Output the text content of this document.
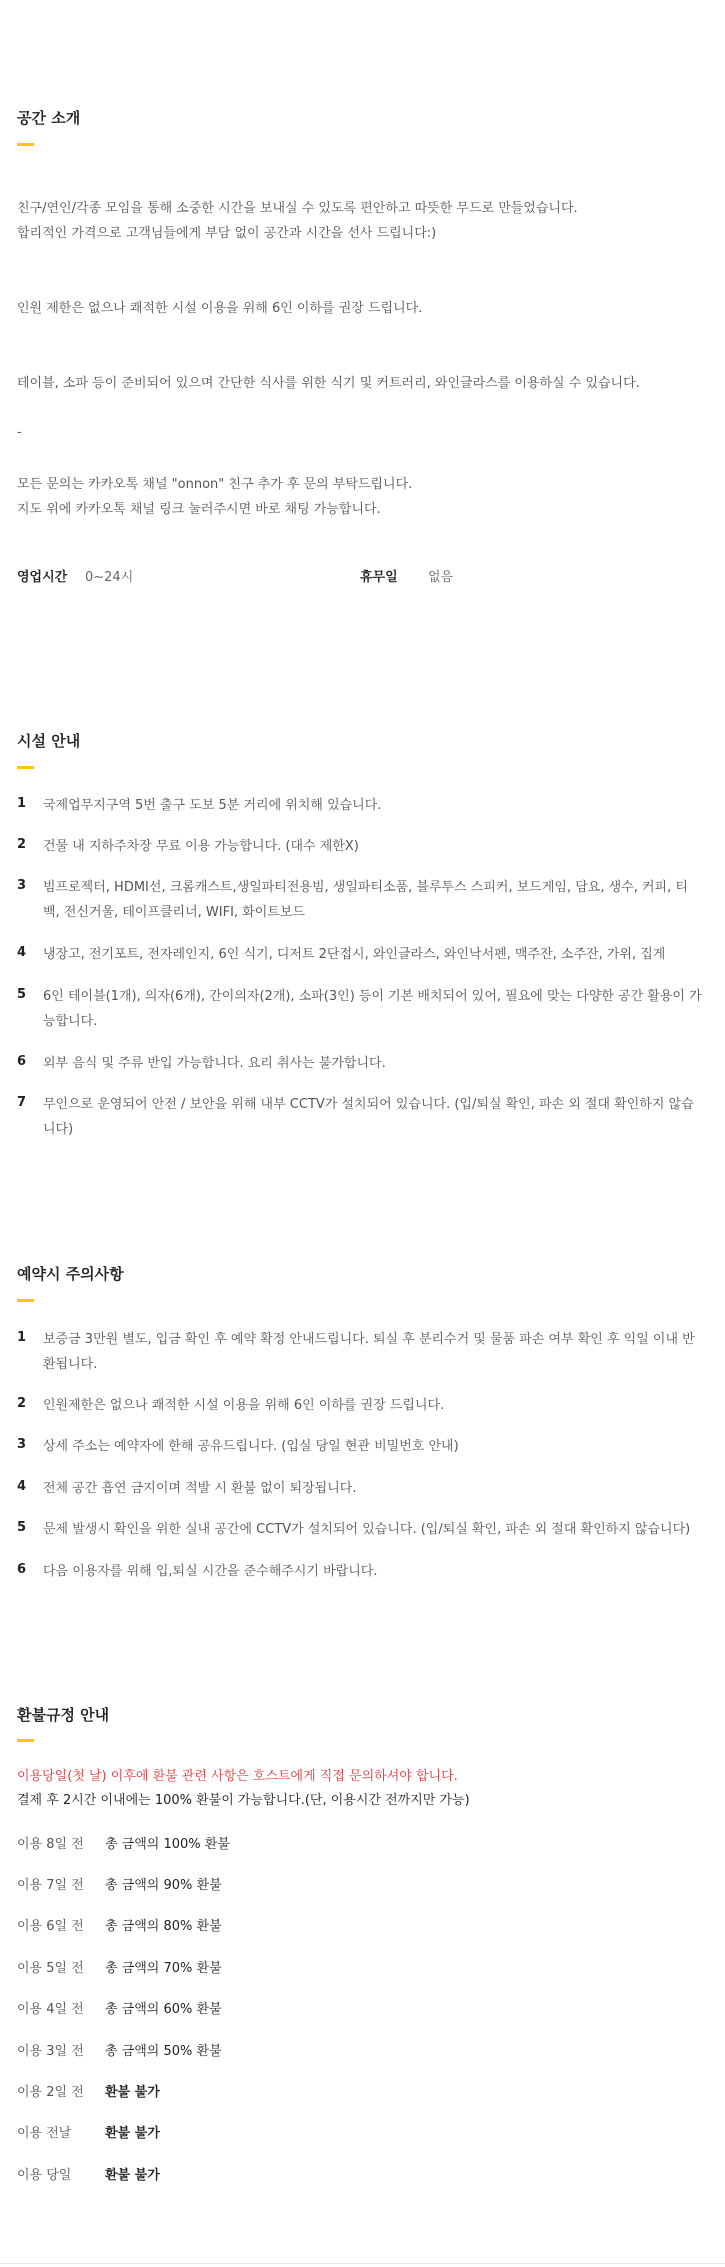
공간 소개
친구/연인/각종 모임을 통해 소중한 시간을 보내실 수 있도록 편안하고 따뜻한 무드로 만들었습니다.
합리적인 가격으로 고객님들에게 부담 없이 공간과 시간을 선사 드립니다:)
인원 제한은 없으나 쾌적한 시설 이용을 위해 6인 이하를 권장 드립니다.
테이블, 소파 등이 준비되어 있으며 간단한 식사를 위한 식기 및 커트러리, 와인글라스를 이용하실 수 있습니다.
-
모든 문의는 카카오톡 채널 "onnon" 친구 추가 후 문의 부탁드립니다.
지도 위에 카카오톡 채널 링크 눌러주시면 바로 채팅 가능합니다.
영업시간 0~24시	휴무일 없음
시설 안내
1 국제업무지구역 5번 출구 도보 5분 거리에 위치해 있습니다.
2 건물 내 지하주차장 무료 이용 가능합니다. (대수 제한X)
3 빔프로젝터, HDMI선, 크롬캐스트,생일파티전용빔, 생일파티소품, 블루투스 스피커, 보드게임, 담요, 생수, 커피, 티백, 전신거울, 테이프클리너, WIFI, 화이트보드
4 냉장고, 전기포트, 전자레인지, 6인 식기, 디저트 2단접시, 와인글라스, 와인낙서펜, 맥주잔, 소주잔, 가위, 집게
5 6인 테이블(1개), 의자(6개), 간이의자(2개), 소파(3인) 등이 기본 배치되어 있어, 필요에 맞는 다양한 공간 활용이 가능합니다.
6 외부 음식 및 주류 반입 가능합니다. 요리 취사는 불가합니다.
7 무인으로 운영되어 안전 / 보안을 위해 내부 CCTV가 설치되어 있습니다. (입/퇴실 확인, 파손 외 절대 확인하지 않습니다)
예약시 주의사항
1 보증금 3만원 별도, 입금 확인 후 예약 확정 안내드립니다. 퇴실 후 분리수거 및 물품 파손 여부 확인 후 익일 이내 반환됩니다.
2 인원제한은 없으나 쾌적한 시설 이용을 위해 6인 이하를 권장 드립니다.
3 상세 주소는 예약자에 한해 공유드립니다. (입실 당일 현관 비밀번호 안내)
4 전체 공간 흡연 금지이며 적발 시 환불 없이 퇴장됩니다.
5 문제 발생시 확인을 위한 실내 공간에 CCTV가 설치되어 있습니다. (입/퇴실 확인, 파손 외 절대 확인하지 않습니다)
6 다음 이용자를 위해 입,퇴실 시간을 준수해주시기 바랍니다.
환불규정 안내
이용당일(첫 날) 이후에 환불 관련 사항은 호스트에게 직접 문의하셔야 합니다.
결제 후 2시간 이내에는 100% 환불이 가능합니다.(단, 이용시간 전까지만 가능)
이용 8일 전 총 금액의 100% 환불
이용 7일 전 총 금액의 90% 환불
이용 6일 전 총 금액의 80% 환불
이용 5일 전 총 금액의 70% 환불
이용 4일 전 총 금액의 60% 환불
이용 3일 전 총 금액의 50% 환불
이용 2일 전 환불 불가
이용 전날	환불 불가
이용 당일	환불 불가
